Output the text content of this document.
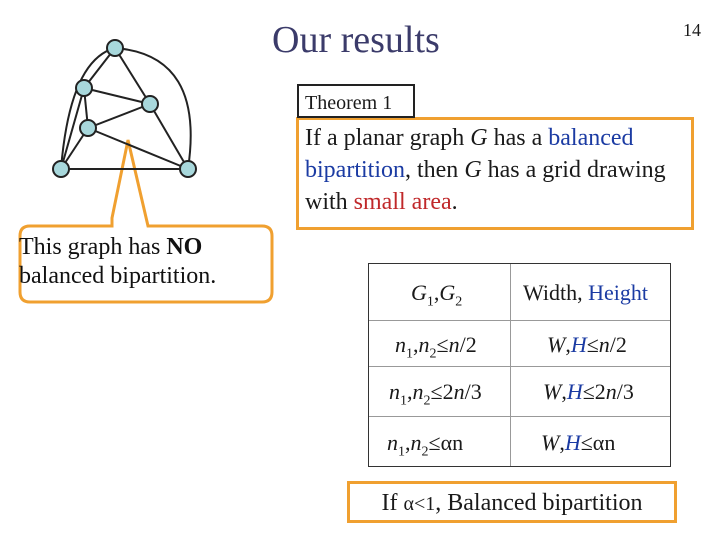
Our results	14
This graph has NO
balanced bipartition.
If a planar graph G has a balanced
bipartition, then G has a grid drawing with small area.
Theorem 1
$G_1,G_2$	Width, Height
$n_1,n_2\le n/2$	W,H≤n/2
$n_1,n_2\le 2n/3$	W,H≤2n/3
$n_1,n_2\le\alpha n$	W,H≤αn
If α<1, Balanced bipartition
